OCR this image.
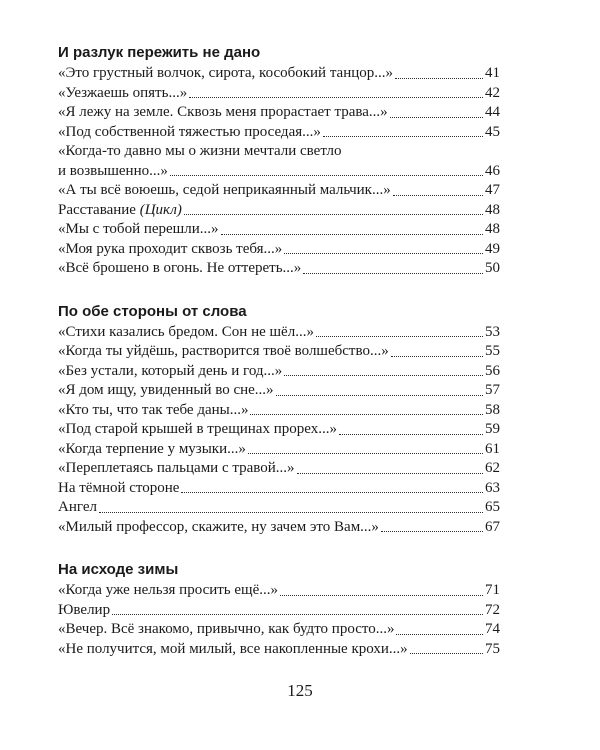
И разлук пережить не дано
«Это грустный волчок, сирота, кособокий танцор...»	41
«Уезжаешь опять...»	42
«Я лежу на земле. Сквозь меня прорастает трава...»	44
«Под собственной тяжестью проседая...»	45
«Когда-то давно мы о жизни мечтали светло
и возвышенно...»	46
«А ты всё воюешь, седой неприкаянный мальчик...»	47
Расставание (Цикл)	48
«Мы с тобой перешли...»	48
«Моя рука проходит сквозь тебя...»	49
«Всё брошено в огонь. Не оттереть...»	50
По обе стороны от слова
«Стихи казались бредом. Сон не шёл...»	53
«Когда ты уйдёшь, растворится твоё волшебство...»	55
«Без устали, который день и год...»	56
«Я дом ищу, увиденный во сне...»	57
«Кто ты, что так тебе даны...»	58
«Под старой крышей в трещинах прорех...»	59
«Когда терпение у музыки...»	61
«Переплетаясь пальцами с травой...»	62
На тёмной стороне	63
Ангел	65
«Милый профессор, скажите, ну зачем это Вам...»	67
На исходе зимы
«Когда уже нельзя просить ещё...»	71
Ювелир	72
«Вечер. Всё знакомо, привычно, как будто просто...»	74
«Не получится, мой милый, все накопленные крохи...»	75
125
